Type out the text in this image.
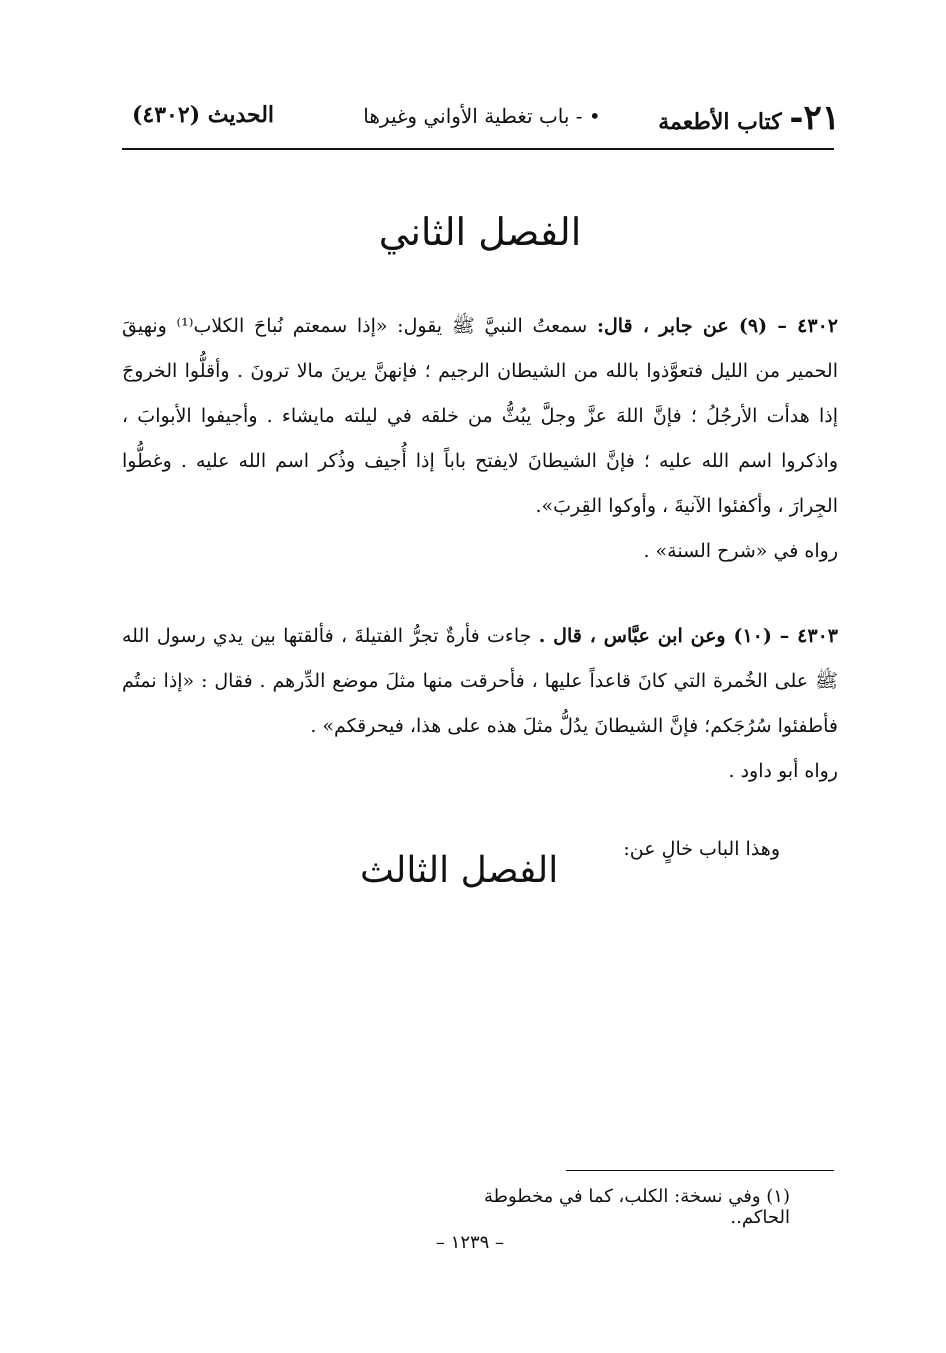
٢١- كتاب الأطعمة
• - باب تغطية الأواني وغيرها
الحديث (٤٣٠٢)
الفصل الثاني

٤٣٠٢ – (٩) عن جابر ، قال: سمعتُ النبيَّ ﷺ يقول: «إذا سمعتم نُباحَ الكلاب⁽¹⁾ ونهيقَ الحمير من الليل فتعوَّذوا بالله من الشيطان الرجيم ؛ فإنهنَّ يرينَ مالا ترونَ . وأقلُّوا الخروجَ إذا هدأت الأرجُلُ ؛ فإنَّ اللهَ عزَّ وجلَّ يبُثُّ من خلقه في ليلته مايشاء . وأجيفوا الأبوابَ ، واذكروا اسم الله عليه ؛ فإنَّ الشيطانَ لايفتح باباً إذا أُجيف وذُكر اسم الله عليه . وغطُّوا الجِرارَ ، وأكفئوا الآنيةَ ، وأوكوا القِربَ».

رواه في «شرح السنة» .

٤٣٠٣ – (١٠) وعن ابن عبَّاس ، قال . جاءت فأرةٌ تجرُّ الفتيلةَ ، فألقتها بين يدي رسول الله ﷺ على الخُمرة التي كانَ قاعداً عليها ، فأحرقت منها مثلَ موضع الدِّرهم . فقال : «إذا نمتُم فأطفئوا سُرُجَكم؛ فإنَّ الشيطانَ يدُلُّ مثلَ هذه على هذا، فيحرقكم» .

رواه أبو داود .

وهذا الباب خالٍ عن:
الفصل الثالث
(١) وفي نسخة: الكلب، كما في مخطوطة الحاكم..
– ١٢٣٩ –
